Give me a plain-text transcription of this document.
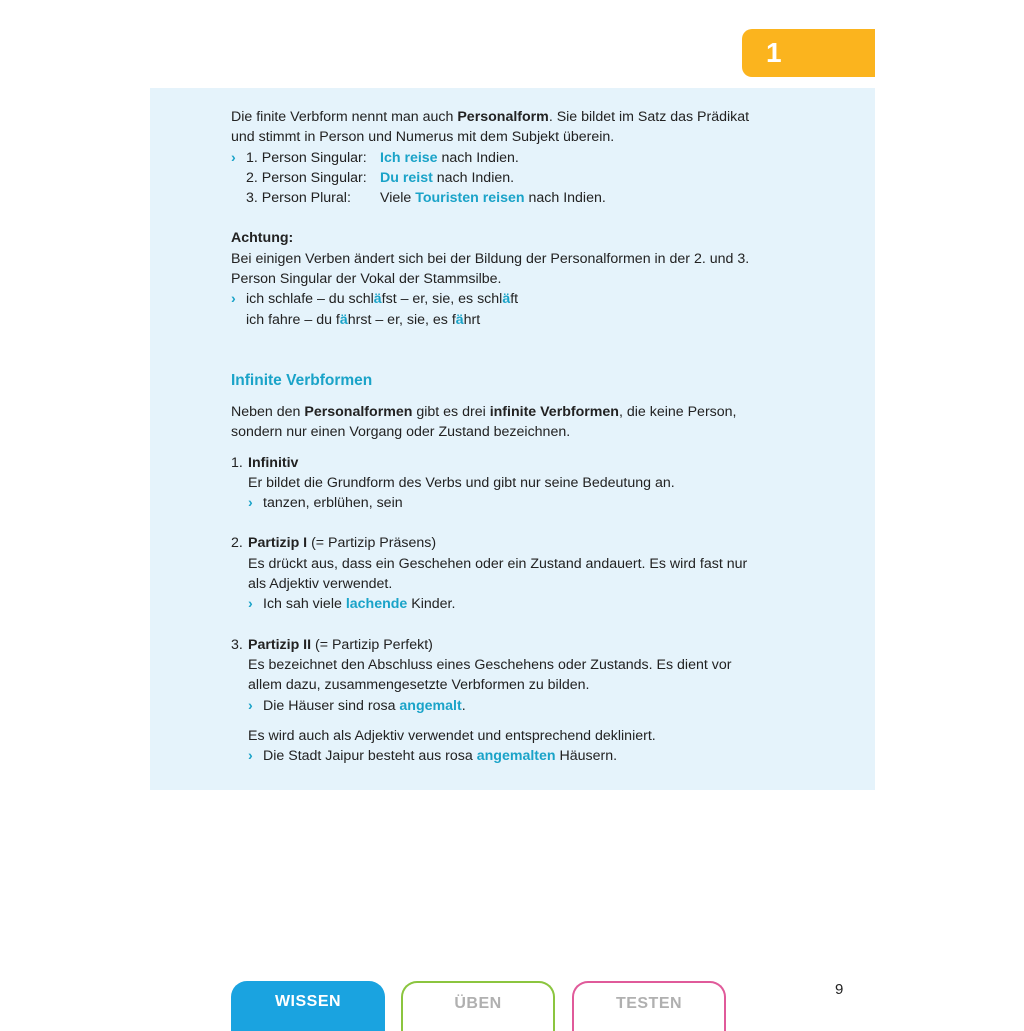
1

Die finite Verbform nennt man auch Personalform. Sie bildet im Satz das Prädikat und stimmt in Person und Numerus mit dem Subjekt überein.

› 1. Person Singular: Ich reise nach Indien.
2. Person Singular: Du reist nach Indien.
3. Person Plural:	Viele Touristen reisen nach Indien.

Achtung:

Bei einigen Verben ändert sich bei der Bildung der Personalformen in der 2. und 3. Person Singular der Vokal der Stammsilbe.

› ich schlafe – du schläfst – er, sie, es schläft

ich fahre – du fährst – er, sie, es fährt

Infinite Verbformen

Neben den Personalformen gibt es drei infinite Verbformen, die keine Person, sondern nur einen Vorgang oder Zustand bezeichnen.

1. Infinitiv

Er bildet die Grundform des Verbs und gibt nur seine Bedeutung an.

› tanzen, erblühen, sein

2. Partizip I (= Partizip Präsens)

Es drückt aus, dass ein Geschehen oder ein Zustand andauert. Es wird fast nur als Adjektiv verwendet.

› Ich sah viele lachende Kinder.

3. Partizip II (= Partizip Perfekt)

Es bezeichnet den Abschluss eines Geschehens oder Zustands. Es dient vor allem dazu, zusammengesetzte Verbformen zu bilden.

› Die Häuser sind rosa angemalt.

Es wird auch als Adjektiv verwendet und entsprechend dekliniert.

› Die Stadt Jaipur besteht aus rosa angemalten Häusern.

WISSEN	ÜBEN	TESTEN
9
